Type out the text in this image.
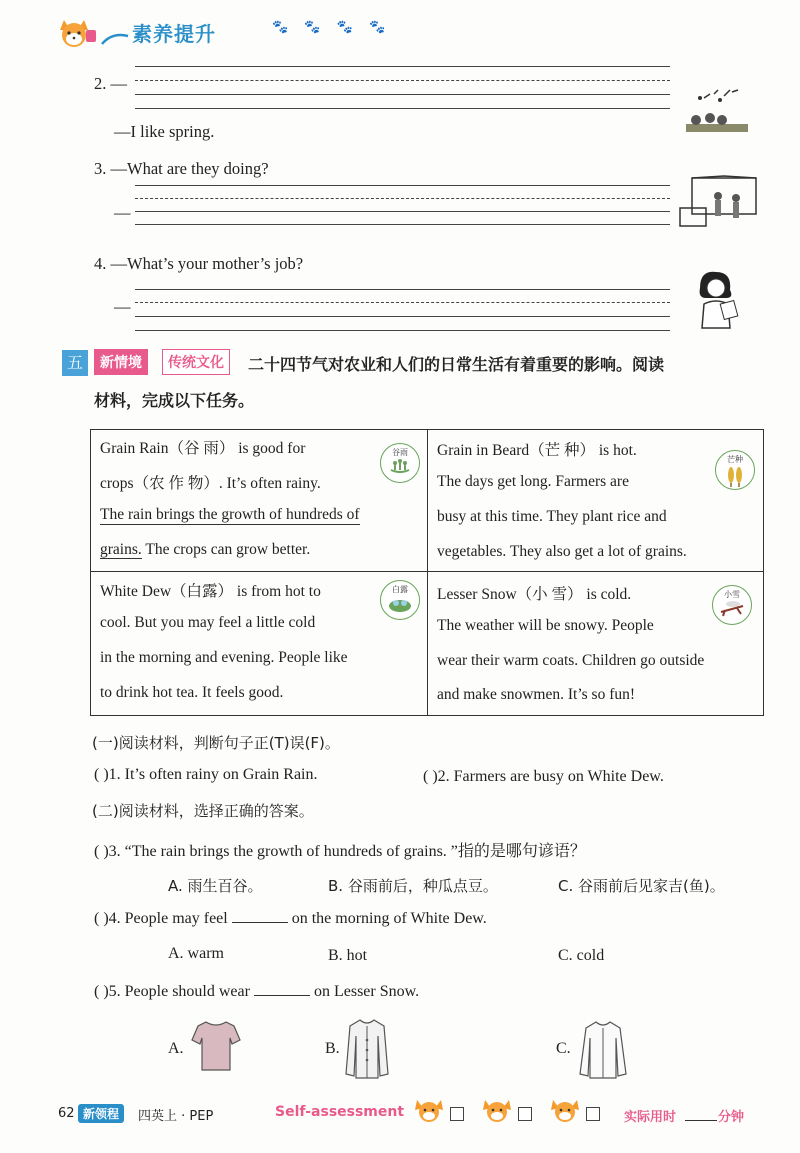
素养提升	🐾 🐾 🐾 🐾
2. —
—I like spring.
3. —What are they doing?
—
4. —What’s your mother’s job?
—
五	新情境	传统文化	二十四节气对农业和人们的日常生活有着重要的影响。阅读
材料，完成以下任务。
Grain Rain（谷 雨） is good for
crops（农 作 物）. It’s often rainy.
The rain brings the growth of hundreds of
grains. The crops can grow better.
谷雨	Grain in Beard（芒 种） is hot.
The days get long. Farmers are
busy at this time. They plant rice and
vegetables. They also get a lot of grains.
芒种
White Dew（白露） is from hot to
cool. But you may feel a little cold
in the morning and evening. People like
to drink hot tea. It feels good.
白露	Lesser Snow（小 雪） is cold.
The weather will be snowy. People
wear their warm coats. Children go outside
and make snowmen. It’s so fun!
小雪
(一)阅读材料，判断句子正(T)误(F)。
( )1. It’s often rainy on Grain Rain.	( )2. Farmers are busy on White Dew.
(二)阅读材料，选择正确的答案。
( )3. “The rain brings the growth of hundreds of grains. ”指的是哪句谚语？
A. 雨生百谷。	B. 谷雨前后，种瓜点豆。	C. 谷雨前后见家吉(鱼)。
( )4. People may feel	on the morning of White Dew.
A. warm	B. hot	C. cold
( )5. People should wear	on Lesser Snow.
A.	B.	C.
62 新领程	四英上 · PEP	Self-assessment	实际用时	分钟
